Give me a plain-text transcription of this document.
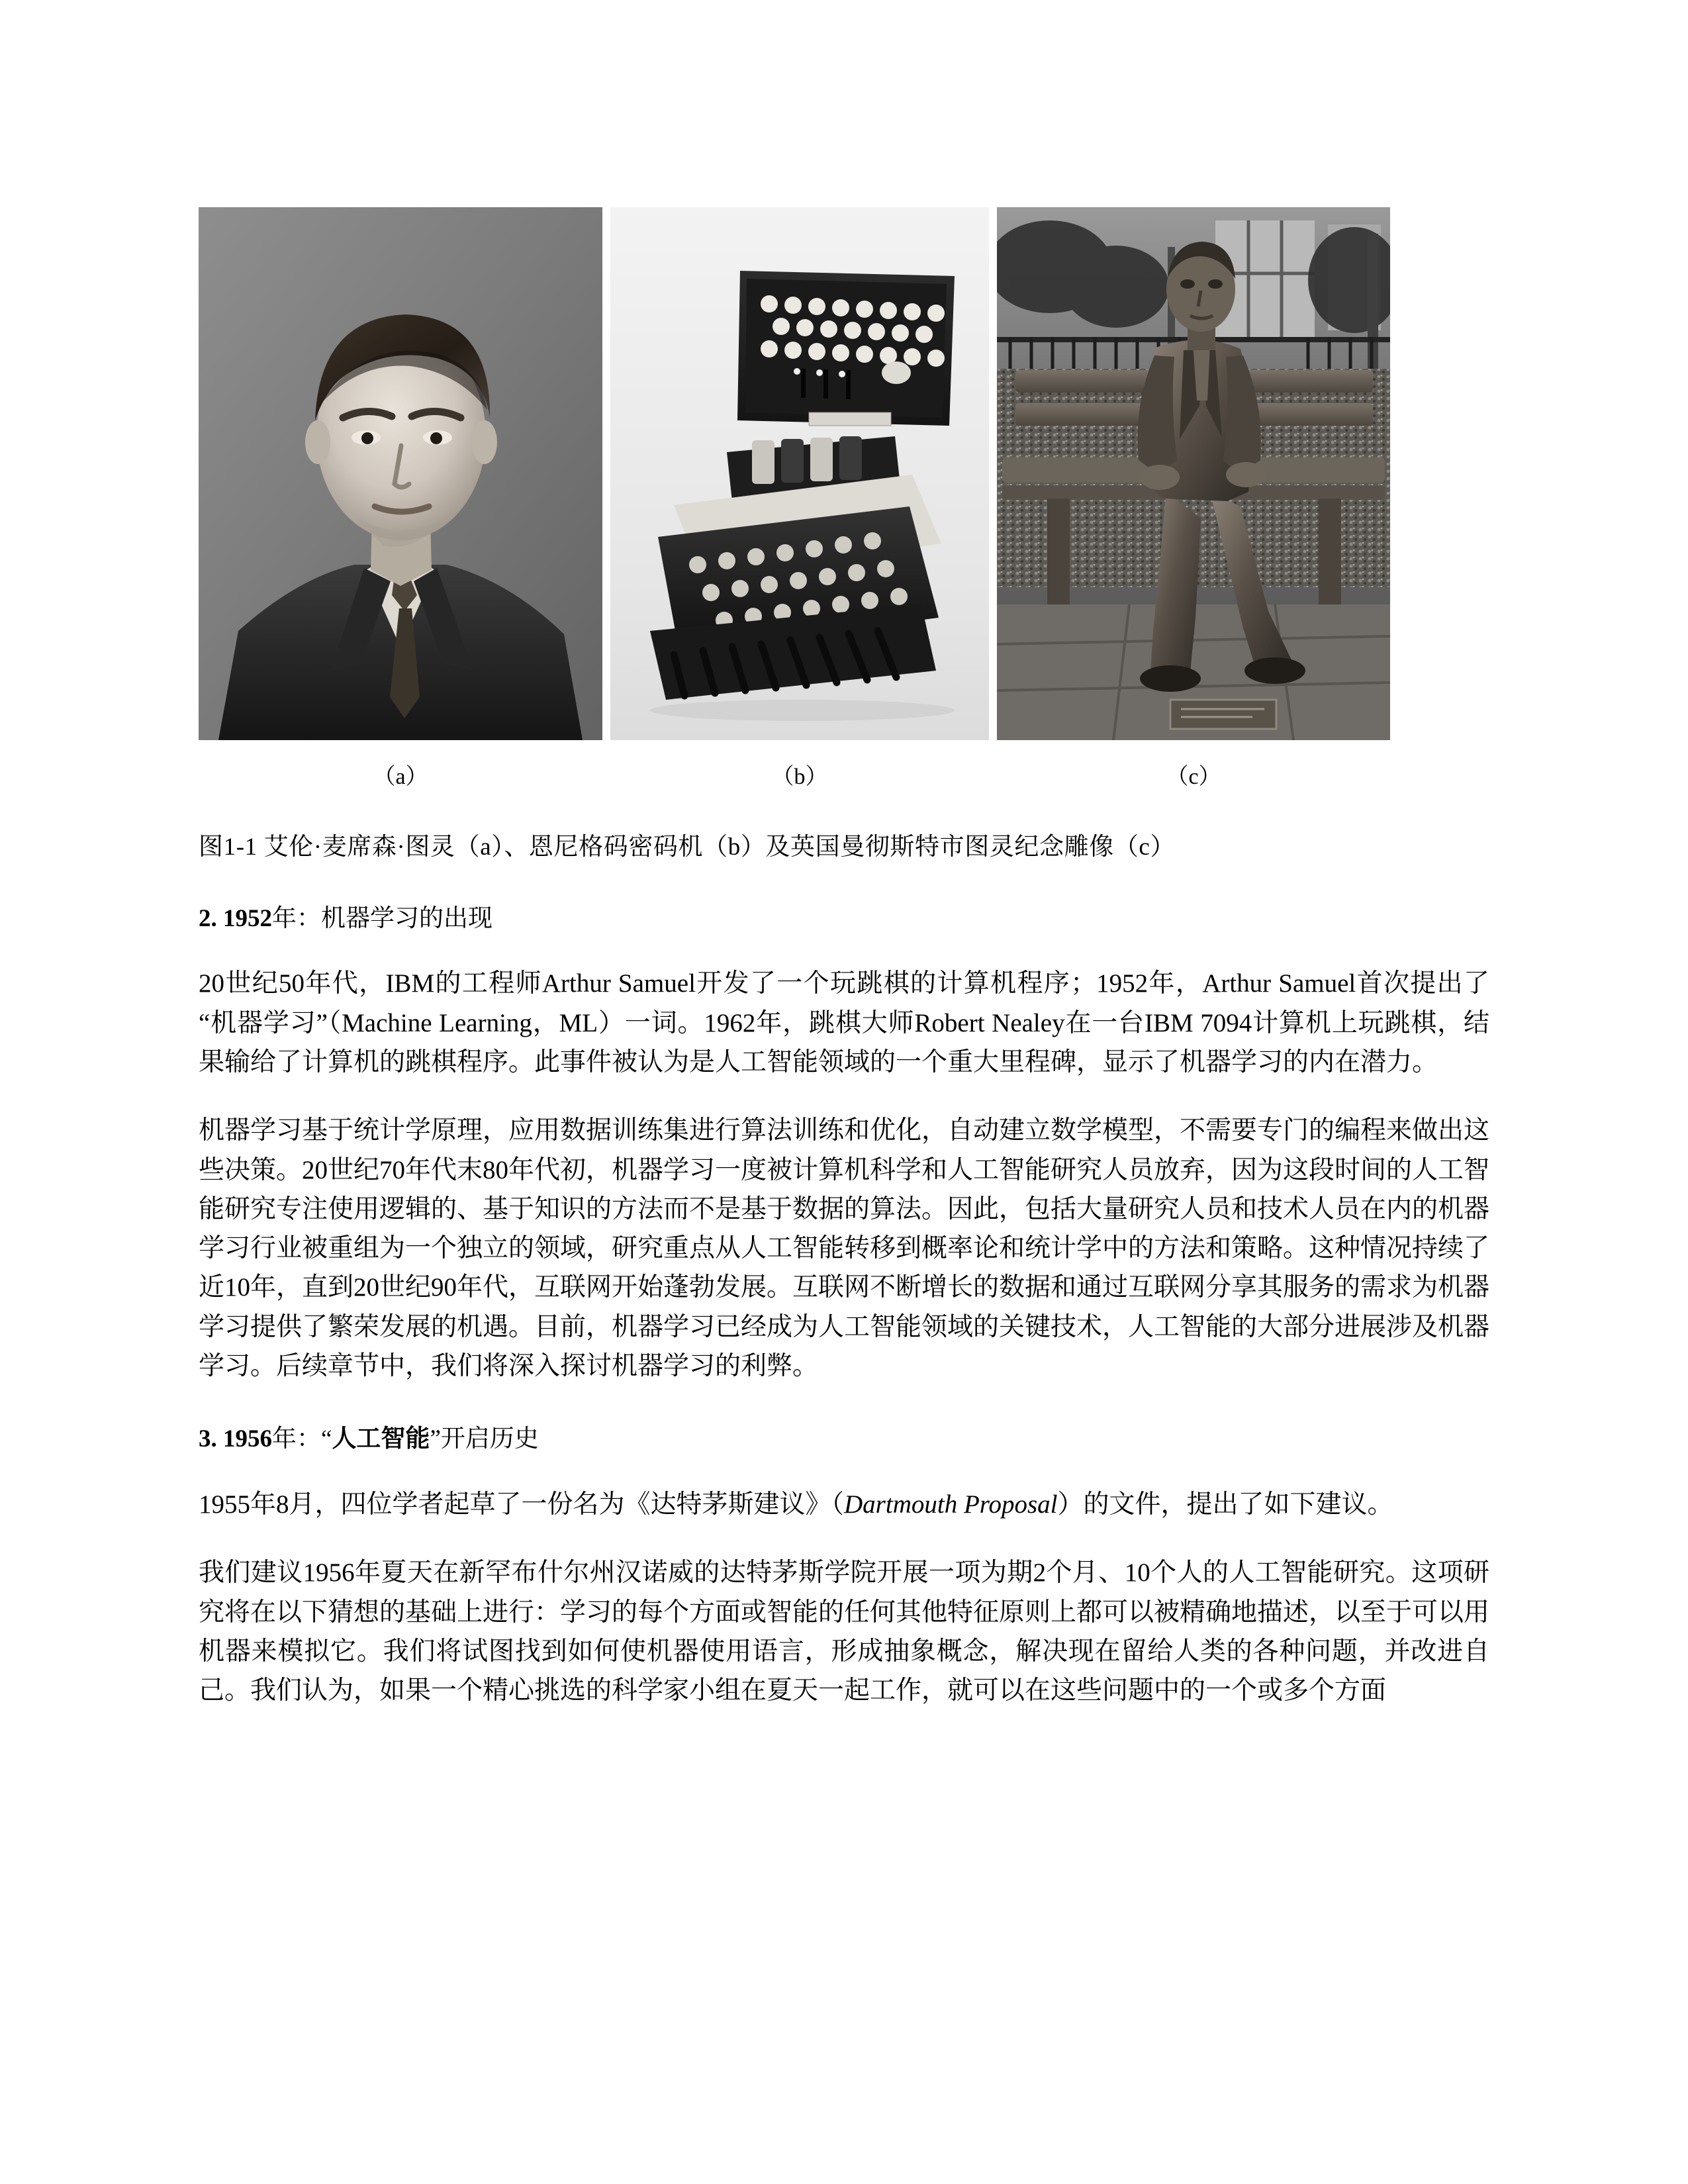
（a）	（b）	（c）
图1-1 艾伦·麦席森·图灵（a）、恩尼格码密码机（b）及英国曼彻斯特市图灵纪念雕像（c）
2. 1952年：机器学习的出现

20世纪50年代，IBM的工程师Arthur Samuel开发了一个玩跳棋的计算机程序；1952年，Arthur Samuel首次提出了“机器学习”（Machine Learning，ML）一词。1962年，跳棋大师Robert Nealey在一台IBM 7094计算机上玩跳棋，结果输给了计算机的跳棋程序。此事件被认为是人工智能领域的一个重大里程碑，显示了机器学习的内在潜力。

机器学习基于统计学原理，应用数据训练集进行算法训练和优化，自动建立数学模型，不需要专门的编程来做出这些决策。20世纪70年代末80年代初，机器学习一度被计算机科学和人工智能研究人员放弃，因为这段时间的人工智能研究专注使用逻辑的、基于知识的方法而不是基于数据的算法。因此，包括大量研究人员和技术人员在内的机器学习行业被重组为一个独立的领域，研究重点从人工智能转移到概率论和统计学中的方法和策略。这种情况持续了近10年，直到20世纪90年代，互联网开始蓬勃发展。互联网不断增长的数据和通过互联网分享其服务的需求为机器学习提供了繁荣发展的机遇。目前，机器学习已经成为人工智能领域的关键技术，人工智能的大部分进展涉及机器学习。后续章节中，我们将深入探讨机器学习的利弊。

3. 1956年：“人工智能”开启历史

1955年8月，四位学者起草了一份名为《达特茅斯建议》（Dartmouth Proposal）的文件，提出了如下建议。

我们建议1956年夏天在新罕布什尔州汉诺威的达特茅斯学院开展一项为期2个月、10个人的人工智能研究。这项研究将在以下猜想的基础上进行：学习的每个方面或智能的任何其他特征原则上都可以被精确地描述，以至于可以用机器来模拟它。我们将试图找到如何使机器使用语言，形成抽象概念，解决现在留给人类的各种问题，并改进自己。我们认为，如果一个精心挑选的科学家小组在夏天一起工作，就可以在这些问题中的一个或多个方面
